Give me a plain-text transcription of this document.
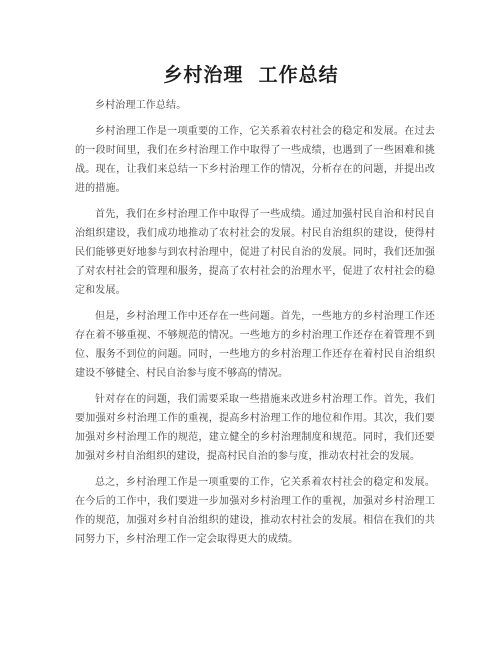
乡村治理  工作总结

乡村治理工作总结。

乡村治理工作是一项重要的工作，它关系着农村社会的稳定和发展。在过去的一段时间里，我们在乡村治理工作中取得了一些成绩，也遇到了一些困难和挑战。现在，让我们来总结一下乡村治理工作的情况，分析存在的问题，并提出改进的措施。

首先，我们在乡村治理工作中取得了一些成绩。通过加强村民自治和村民自治组织建设，我们成功地推动了农村社会的发展。村民自治组织的建设，使得村民们能够更好地参与到农村治理中，促进了村民自治的发展。同时，我们还加强了对农村社会的管理和服务，提高了农村社会的治理水平，促进了农村社会的稳定和发展。

但是，乡村治理工作中还存在一些问题。首先，一些地方的乡村治理工作还存在着不够重视、不够规范的情况。一些地方的乡村治理工作还存在着管理不到位、服务不到位的问题。同时，一些地方的乡村治理工作还存在着村民自治组织建设不够健全、村民自治参与度不够高的情况。

针对存在的问题，我们需要采取一些措施来改进乡村治理工作。首先，我们要加强对乡村治理工作的重视，提高乡村治理工作的地位和作用。其次，我们要加强对乡村治理工作的规范，建立健全的乡村治理制度和规范。同时，我们还要加强对乡村自治组织的建设，提高村民自治的参与度，推动农村社会的发展。

总之，乡村治理工作是一项重要的工作，它关系着农村社会的稳定和发展。在今后的工作中，我们要进一步加强对乡村治理工作的重视，加强对乡村治理工作的规范，加强对乡村自治组织的建设，推动农村社会的发展。相信在我们的共同努力下，乡村治理工作一定会取得更大的成绩。
